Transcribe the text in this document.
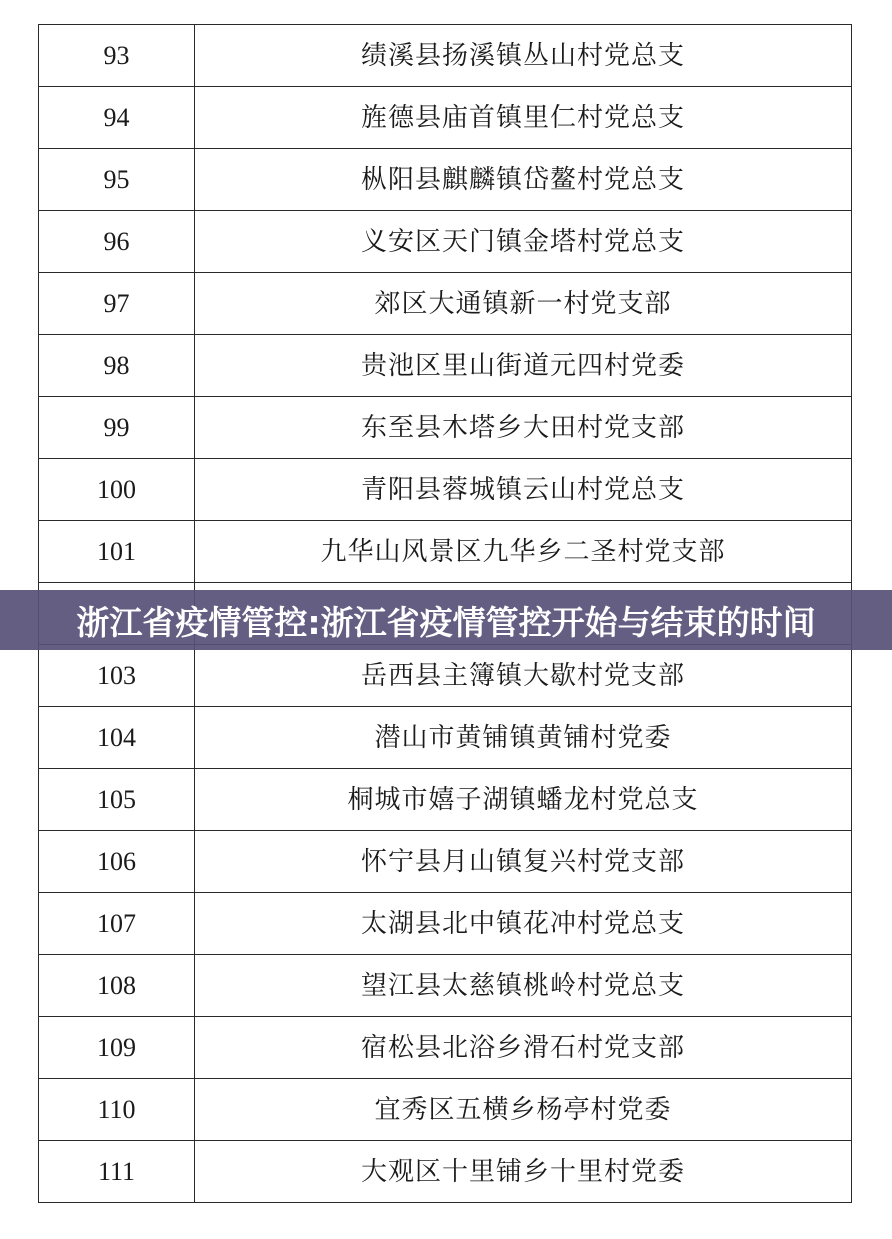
93	绩溪县扬溪镇丛山村党总支
94	旌德县庙首镇里仁村党总支
95	枞阳县麒麟镇岱鳌村党总支
96	义安区天门镇金塔村党总支
97	郊区大通镇新一村党支部
98	贵池区里山街道元四村党委
99	东至县木塔乡大田村党支部
100	青阳县蓉城镇云山村党总支
101	九华山风景区九华乡二圣村党支部

103	岳西县主簿镇大歇村党支部
104	潜山市黄铺镇黄铺村党委
105	桐城市嬉子湖镇蟠龙村党总支
106	怀宁县月山镇复兴村党支部
107	太湖县北中镇花冲村党总支
108	望江县太慈镇桃岭村党总支
109	宿松县北浴乡滑石村党支部
110	宜秀区五横乡杨亭村党委
111	大观区十里铺乡十里村党委
浙江省疫情管控:浙江省疫情管控开始与结束的时间
